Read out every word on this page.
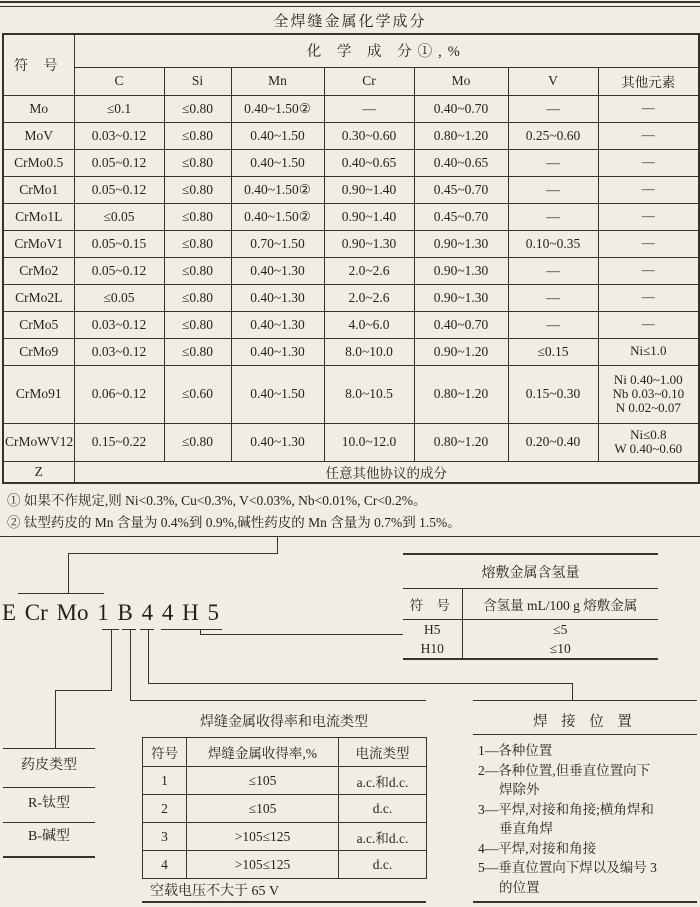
全焊缝金属化学成分
符 号	化 学 成 分①,%						
	C	Si	Mn	Cr	Mo	V	其他元素
Mo	≤0.1	≤0.80	0.40~1.50②	—	0.40~0.70	—	—
MoV	0.03~0.12	≤0.80	0.40~1.50	0.30~0.60	0.80~1.20	0.25~0.60	—
CrMo0.5	0.05~0.12	≤0.80	0.40~1.50	0.40~0.65	0.40~0.65	—	—
CrMo1	0.05~0.12	≤0.80	0.40~1.50②	0.90~1.40	0.45~0.70	—	—
CrMo1L	≤0.05	≤0.80	0.40~1.50②	0.90~1.40	0.45~0.70	—	—
CrMoV1	0.05~0.15	≤0.80	0.70~1.50	0.90~1.30	0.90~1.30	0.10~0.35	—
CrMo2	0.05~0.12	≤0.80	0.40~1.30	2.0~2.6	0.90~1.30	—	—
CrMo2L	≤0.05	≤0.80	0.40~1.30	2.0~2.6	0.90~1.30	—	—
CrMo5	0.03~0.12	≤0.80	0.40~1.30	4.0~6.0	0.40~0.70	—	—
CrMo9	0.03~0.12	≤0.80	0.40~1.30	8.0~10.0	0.90~1.20	≤0.15	Ni≤1.0
CrMo91	0.06~0.12	≤0.60	0.40~1.50	8.0~10.5	0.80~1.20	0.15~0.30	Ni 0.40~1.00
Nb 0.03~0.10
N 0.02~0.07
CrMoWV12	0.15~0.22	≤0.80	0.40~1.30	10.0~12.0	0.80~1.20	0.20~0.40	Ni≤0.8
W 0.40~0.60
Z	任意其他协议的成分						
① 如果不作规定,则 Ni<0.3%, Cu<0.3%, V<0.03%, Nb<0.01%, Cr<0.2%。
② 钛型药皮的 Mn 含量为 0.4%到 0.9%,碱性药皮的 Mn 含量为 0.7%到 1.5%。
E Cr Mo 1 B 4 4 H 5
熔敷金属含氢量	
符 号	含氢量 mL/100 g 熔敷金属
H5	≤5
H10	≤10
药皮类型
R-钛型
B-碱型
焊缝金属收得率和电流类型
符号	焊缝金属收得率,%	电流类型
1	≤105	a.c.和d.c.
2	≤105	d.c.
3	>105≤125	a.c.和d.c.
4	>105≤125	d.c.
空载电压不大于 65 V
焊 接 位 置
1—各种位置
2—各种位置,但垂直位置向下
焊除外
3—平焊,对接和角接;横角焊和
垂直角焊
4—平焊,对接和角接
5—垂直位置向下焊以及编号 3
的位置
